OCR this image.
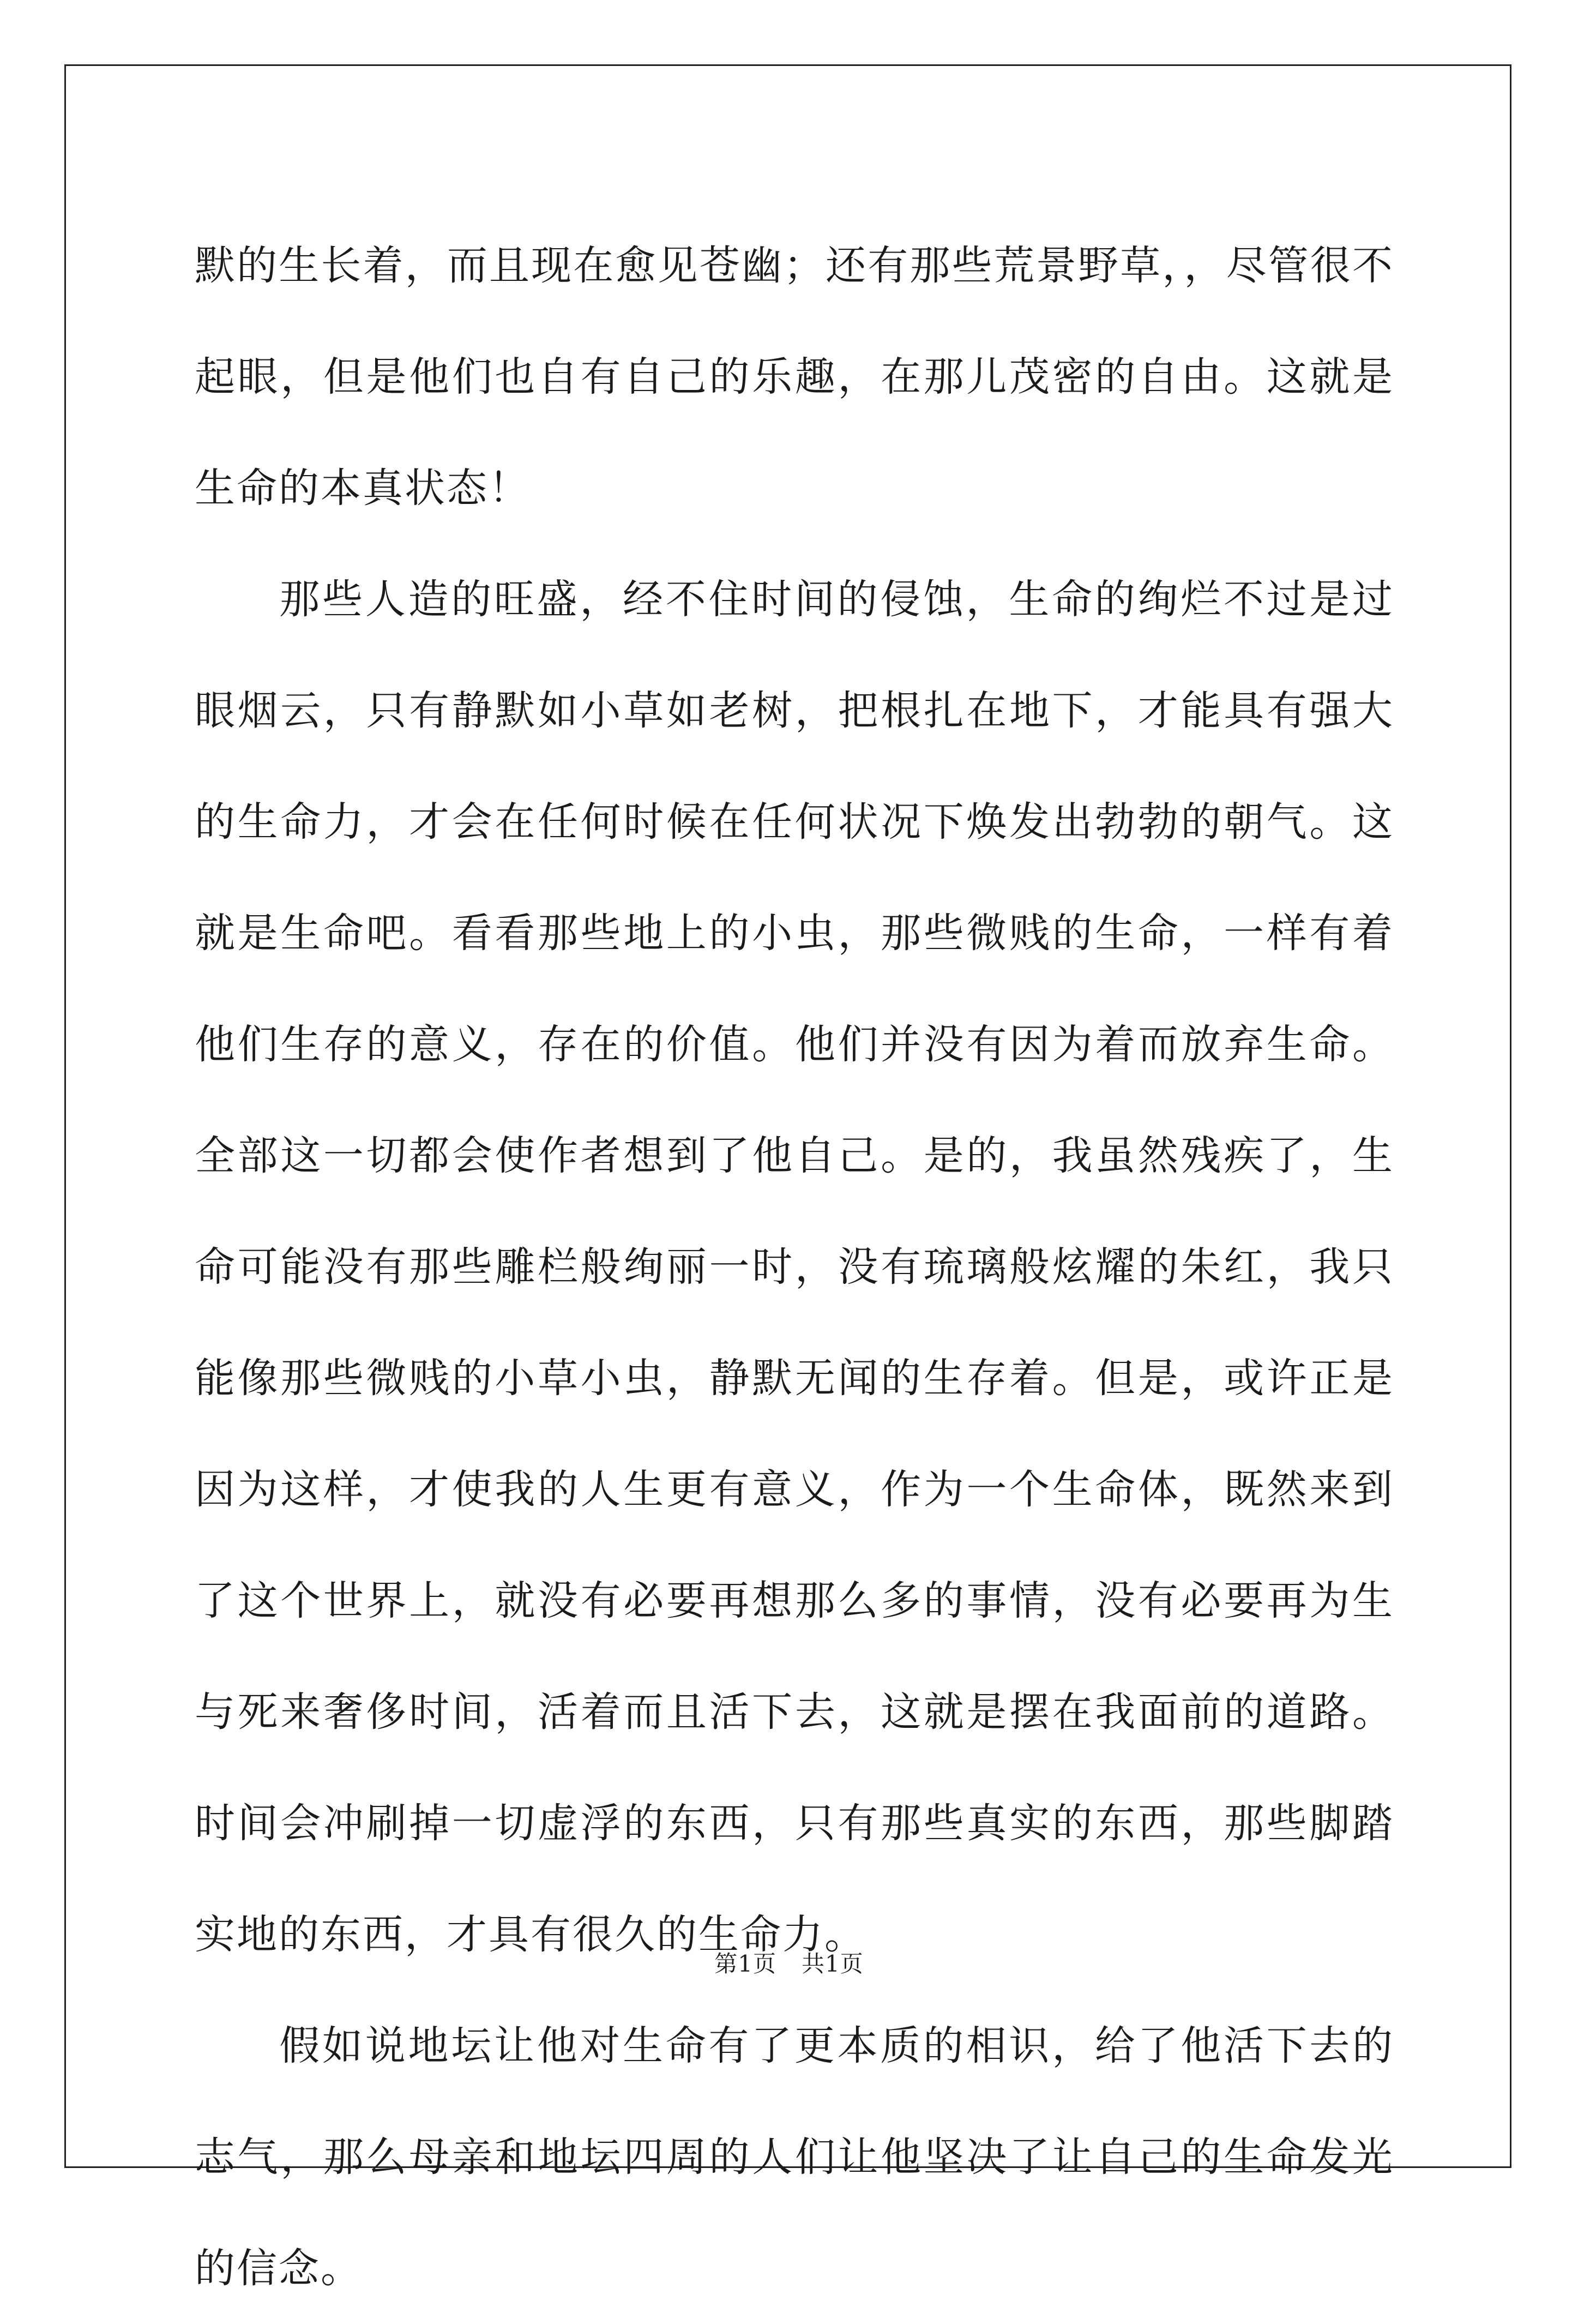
默的生长着，而且现在愈见苍幽；还有那些荒景野草，，尽管很不起眼，但是他们也自有自己的乐趣，在那儿茂密的自由。这就是生命的本真状态！

那些人造的旺盛，经不住时间的侵蚀，生命的绚烂不过是过眼烟云，只有静默如小草如老树，把根扎在地下，才能具有强大的生命力，才会在任何时候在任何状况下焕发出勃勃的朝气。这就是生命吧。看看那些地上的小虫，那些微贱的生命，一样有着他们生存的意义，存在的价值。他们并没有因为着而放弃生命。全部这一切都会使作者想到了他自己。是的，我虽然残疾了，生命可能没有那些雕栏般绚丽一时，没有琉璃般炫耀的朱红，我只能像那些微贱的小草小虫，静默无闻的生存着。但是，或许正是因为这样，才使我的人生更有意义，作为一个生命体，既然来到了这个世界上，就没有必要再想那么多的事情，没有必要再为生与死来奢侈时间，活着而且活下去，这就是摆在我面前的道路。时间会冲刷掉一切虚浮的东西，只有那些真实的东西，那些脚踏实地的东西，才具有很久的生命力。

假如说地坛让他对生命有了更本质的相识，给了他活下去的志气，那么母亲和地坛四周的人们让他坚决了让自己的生命发光的信念。

第1页 共1页
